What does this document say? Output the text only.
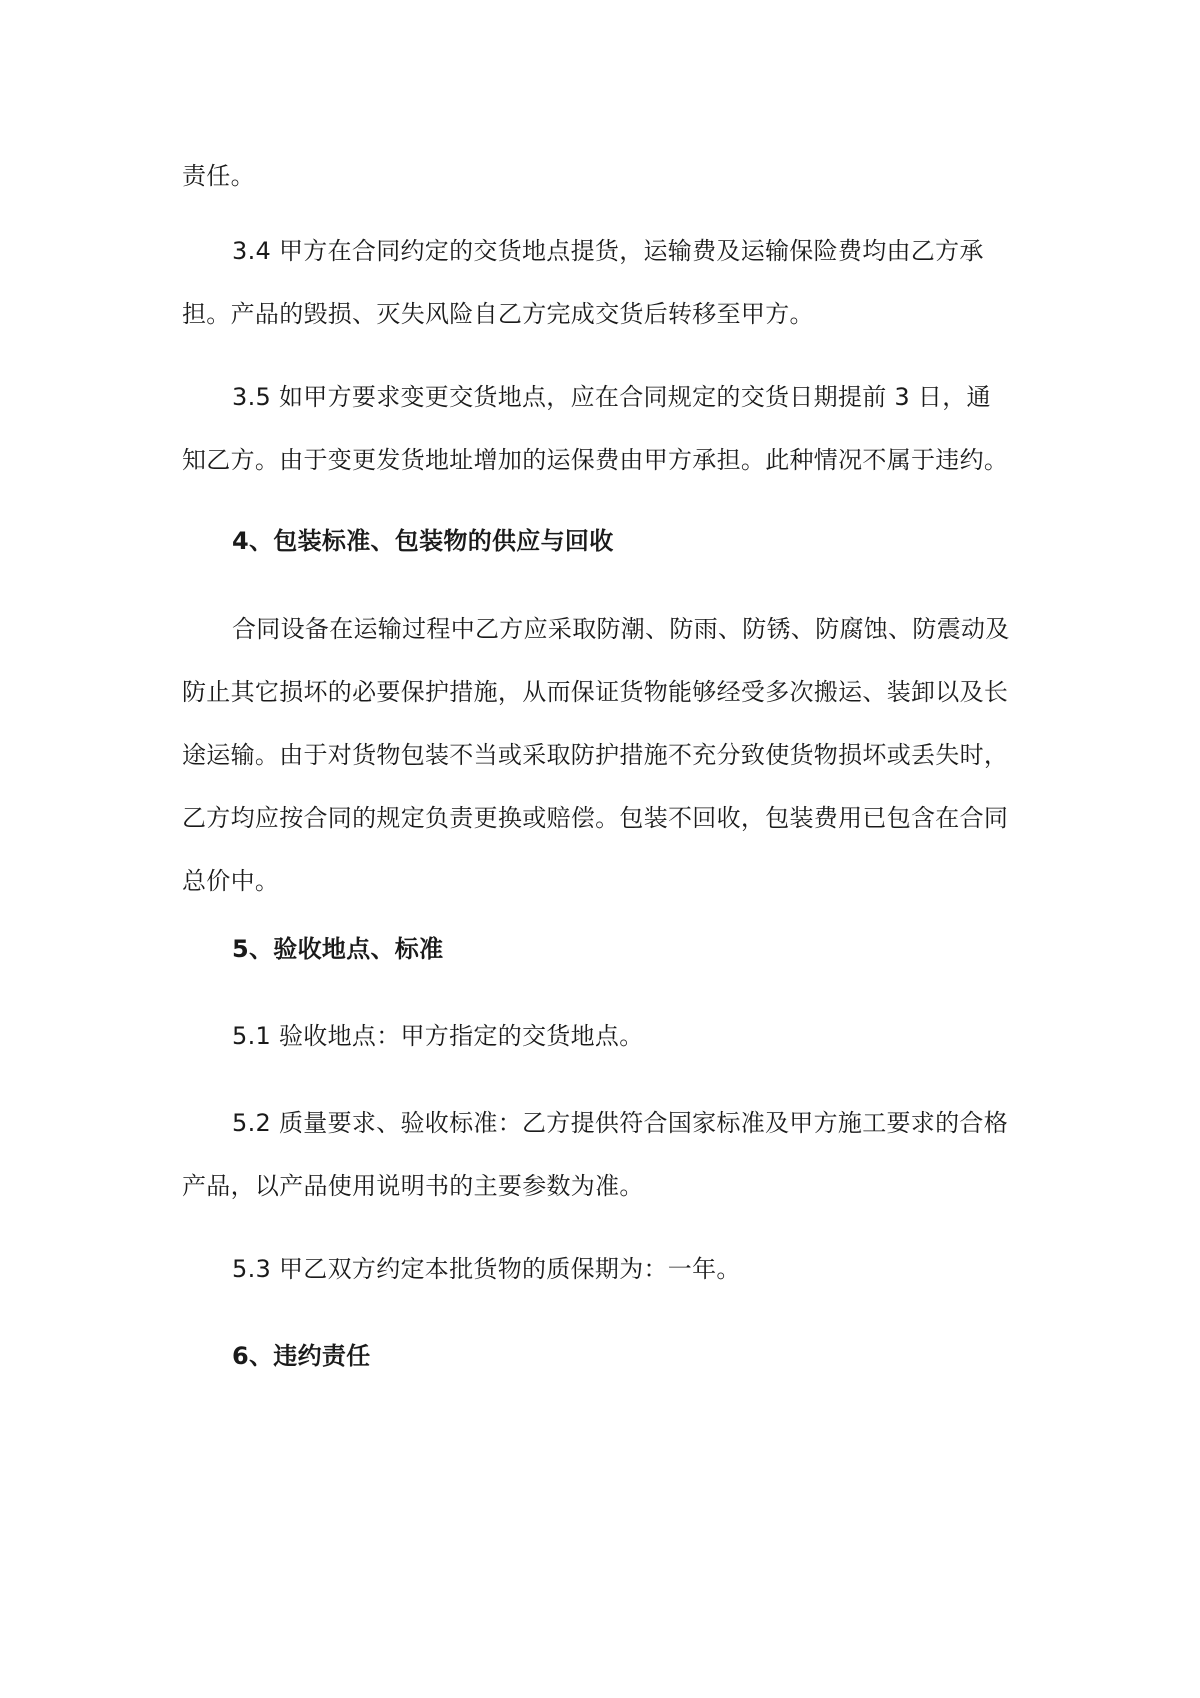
责任。

3.4 甲方在合同约定的交货地点提货，运输费及运输保险费均由乙方承担。产品的毁损、灭失风险自乙方完成交货后转移至甲方。

3.5 如甲方要求变更交货地点，应在合同规定的交货日期提前 3 日，通知乙方。由于变更发货地址增加的运保费由甲方承担。此种情况不属于违约。

4、包装标准、包装物的供应与回收

合同设备在运输过程中乙方应采取防潮、防雨、防锈、防腐蚀、防震动及防止其它损坏的必要保护措施，从而保证货物能够经受多次搬运、装卸以及长途运输。由于对货物包装不当或采取防护措施不充分致使货物损坏或丢失时，乙方均应按合同的规定负责更换或赔偿。包装不回收，包装费用已包含在合同总价中。

5、验收地点、标准

5.1 验收地点：甲方指定的交货地点。

5.2 质量要求、验收标准：乙方提供符合国家标准及甲方施工要求的合格产品，以产品使用说明书的主要参数为准。

5.3 甲乙双方约定本批货物的质保期为：一年。

6、违约责任
